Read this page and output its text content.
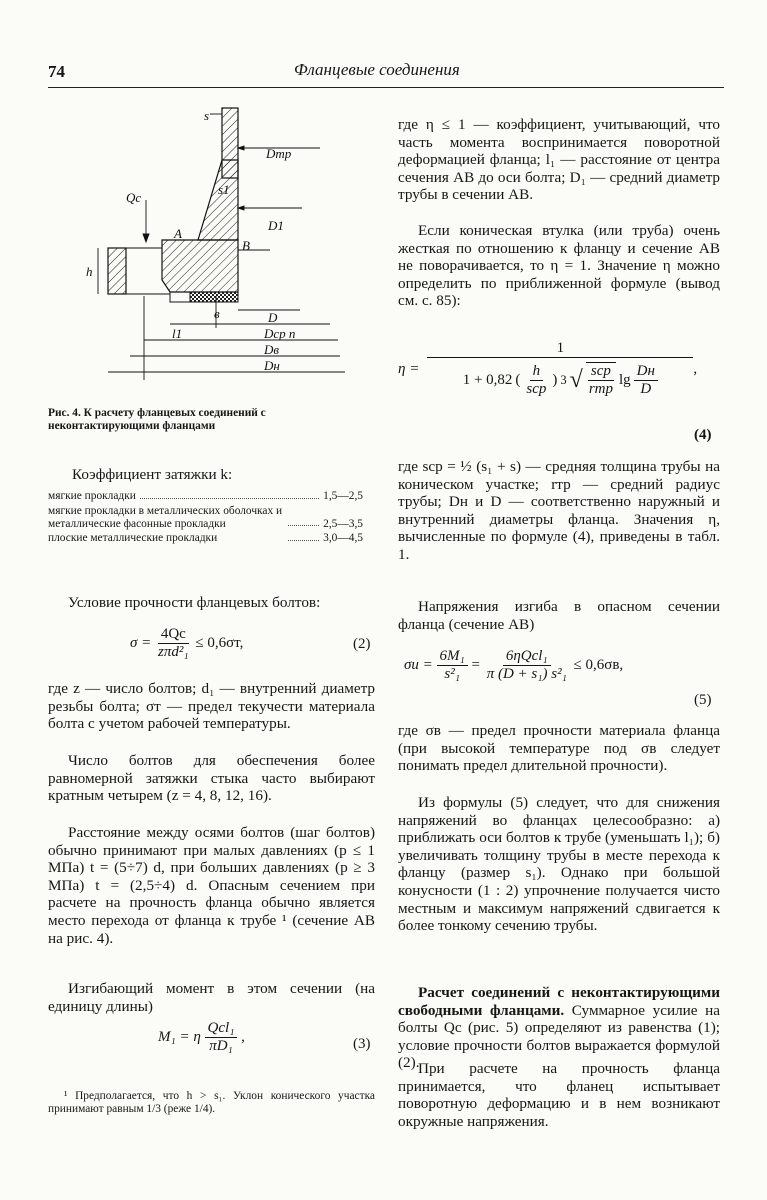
74	Фланцевые соединения
s
Dmp
s1
Qc
D1
A
B
h
в	D
l1	Dcp n
Dв
Dн
Рис. 4. К расчету фланцевых соединений с неконтактирующими фланцами
Коэффициент затяжки k:
мягкие прокладки	1,5—2,5
мягкие прокладки в металлических оболочках и металлические фасонные прокладки	2,5—3,5
плоские металлические прокладки	3,0—4,5
Условие прочности фланцевых болтов:
$\sigma = \frac{4Qс}{\text{zπd²₁}} \le 0,6\sigma т$,	(2)
где z — число болтов; d₁ — внутренний диаметр резьбы болта; σт — предел текучести материала болта с учетом рабочей температуры.
Число болтов для обеспечения более равномерной затяжки стыка часто выбирают кратным четырем (z = 4, 8, 12, 16).
Расстояние между осями болтов (шаг болтов) обычно принимают при малых давлениях (p ≤ 1 МПа) t = (5÷7) d, при больших давлениях (p ≥ 3 МПа) t = (2,5÷4) d. Опасным сечением при расчете на прочность фланца обычно является место перехода от фланца к трубе ¹ (сечение AB на рис. 4).
Изгибающий момент в этом сечении (на единицу длины)
M₁ = η $\frac{\text{Qсl₁}}{\text{πD₁}}$ ,	(3)
¹ Предполагается, что h > s₁. Уклон конического участка принимают равным 1/3 (реже 1/4).
где η ≤ 1 — коэффициент, учитывающий, что часть момента воспринимается поворотной деформацией фланца; l₁ — расстояние от центра сечения AB до оси болта; D₁ — средний диаметр трубы в сечении AB.
Если коническая втулка (или труба) очень жесткая по отношению к фланцу и сечение AB не поворачивается, то η = 1. Значение η можно определить по приближенной формуле (вывод см. с. 85):
η =
1
1 + 0,82 ( $\frac{h}{\text{sср}}$ ) 3 √ $\frac{\text{sср}}{\text{rтр}}$ $\lg \frac{Dн}{D}$ ,
(4)
где sср = ½ (s₁ + s) — средняя толщина трубы на коническом участке; rтр — средний радиус трубы; Dн и D — соответственно наружный и внутренний диаметры фланца. Значения η, вычисленные по формуле (4), приведены в табл. 1.
Напряжения изгиба в опасном сечении фланца (сечение AB)
$\sigma и = \frac{\text{6M₁}}{\text{s²₁}} = \frac{\text{6ηQсl₁}}{\text{π (D + s₁) s²₁}} \le 0,6\sigma в$,
(5)
где σв — предел прочности материала фланца (при высокой температуре под σв следует понимать предел длительной прочности).
Из формулы (5) следует, что для снижения напряжений во фланцах целесообразно: а) приближать оси болтов к трубе (уменьшать l₁); б) увеличивать толщину трубы в месте перехода к фланцу (размер s₁). Однако при большой конусности (1 : 2) упрочнение получается чисто местным и максимум напряжений сдвигается к более тонкому сечению трубы.
Расчет соединений с неконтактирующими свободными фланцами. Суммарное усилие на болты Qс (рис. 5) определяют из равенства (1); условие прочности болтов выражается формулой (2).
При расчете на прочность фланца принимается, что фланец испытывает поворотную деформацию и в нем возникают окружные напряжения.
